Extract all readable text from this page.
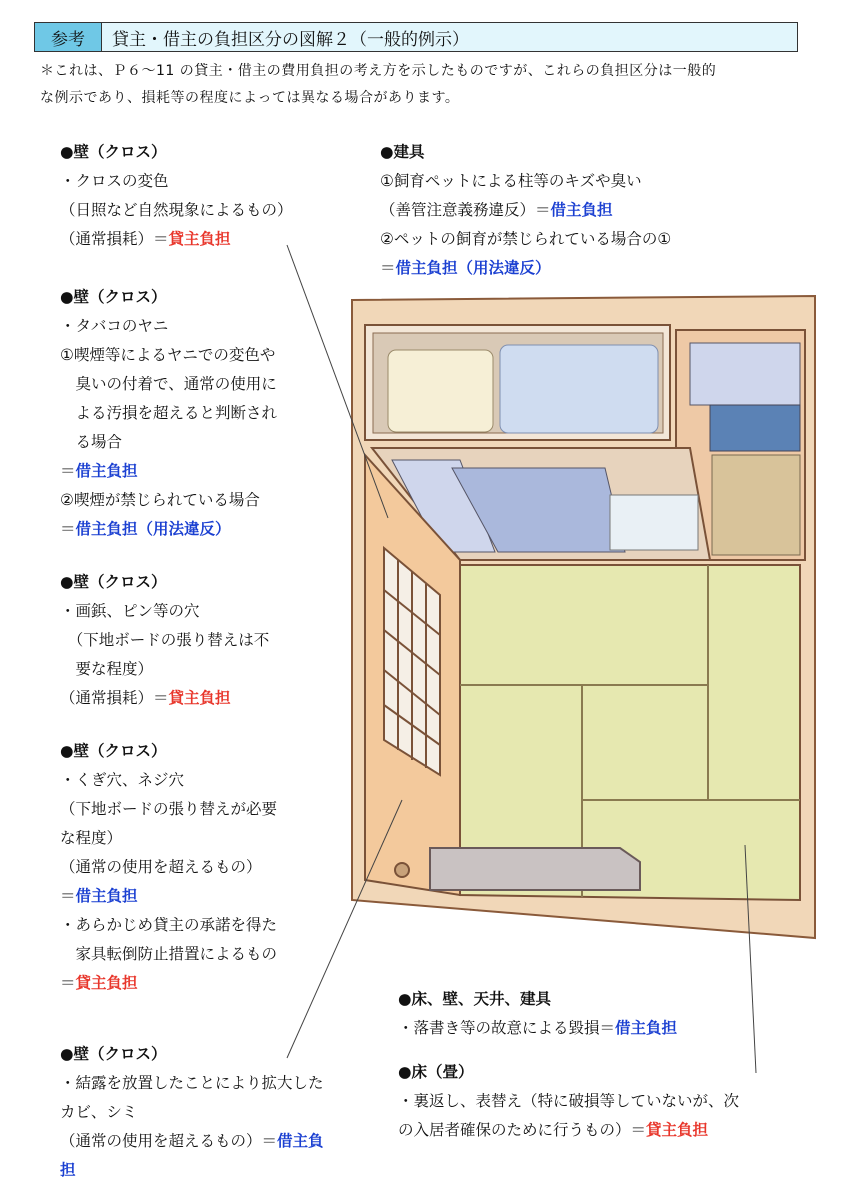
参考	貸主・借主の負担区分の図解２（一般的例示）
＊これは、Ｐ６～11 の貸主・借主の費用負担の考え方を示したものですが、これらの負担区分は一般的
な例示であり、損耗等の程度によっては異なる場合があります。
●壁（クロス）
・クロスの変色
（日照など自然現象によるもの）
（通常損耗）＝貸主負担
●壁（クロス）
・タバコのヤニ
①喫煙等によるヤニでの変色や
　臭いの付着で、通常の使用に
　よる汚損を超えると判断され
　る場合
＝借主負担
②喫煙が禁じられている場合
＝借主負担（用法違反）
●壁（クロス）
・画鋲、ピン等の穴
　（下地ボードの張り替えは不
　要な程度）
（通常損耗）＝貸主負担
●壁（クロス）
・くぎ穴、ネジ穴
（下地ボードの張り替えが必要
な程度）
（通常の使用を超えるもの）
＝借主負担
・あらかじめ貸主の承諾を得た
　家具転倒防止措置によるもの
＝貸主負担
●壁（クロス）
・結露を放置したことにより拡大した
カビ、シミ
（通常の使用を超えるもの）＝借主負
担
●建具
①飼育ペットによる柱等のキズや臭い
（善管注意義務違反）＝借主負担
②ペットの飼育が禁じられている場合の①
＝借主負担（用法違反）
●床、壁、天井、建具
・落書き等の故意による毀損＝借主負担
●床（畳）
・裏返し、表替え（特に破損等していないが、次
の入居者確保のために行うもの）＝貸主負担
